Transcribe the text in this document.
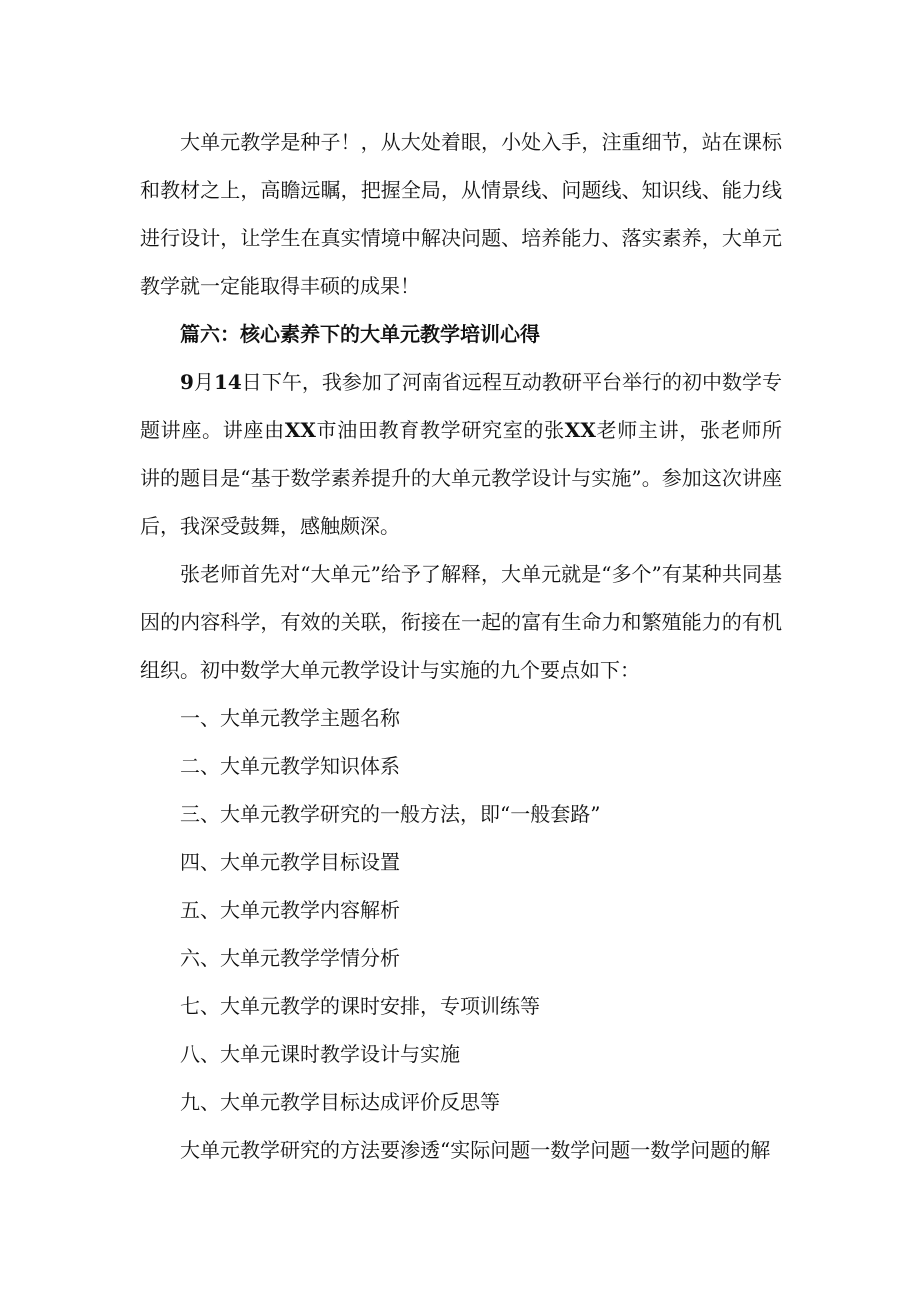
大单元教学是种子！，从大处着眼，小处入手，注重细节，站在课标和教材之上，高瞻远瞩，把握全局，从情景线、问题线、知识线、能力线进行设计，让学生在真实情境中解决问题、培养能力、落实素养，大单元教学就一定能取得丰硕的成果！

篇六：核心素养下的大单元教学培训心得

9月14日下午，我参加了河南省远程互动教研平台举行的初中数学专题讲座。讲座由XX市油田教育教学研究室的张XX老师主讲，张老师所讲的题目是“基于数学素养提升的大单元教学设计与实施”。参加这次讲座后，我深受鼓舞，感触颇深。

张老师首先对“大单元”给予了解释，大单元就是“多个”有某种共同基因的内容科学，有效的关联，衔接在一起的富有生命力和繁殖能力的有机组织。初中数学大单元教学设计与实施的九个要点如下：

一、大单元教学主题名称

二、大单元教学知识体系

三、大单元教学研究的一般方法，即“一般套路”

四、大单元教学目标设置

五、大单元教学内容解析

六、大单元教学学情分析

七、大单元教学的课时安排，专项训练等

八、大单元课时教学设计与实施

九、大单元教学目标达成评价反思等

大单元教学研究的方法要渗透“实际问题一数学问题一数学问题的解
